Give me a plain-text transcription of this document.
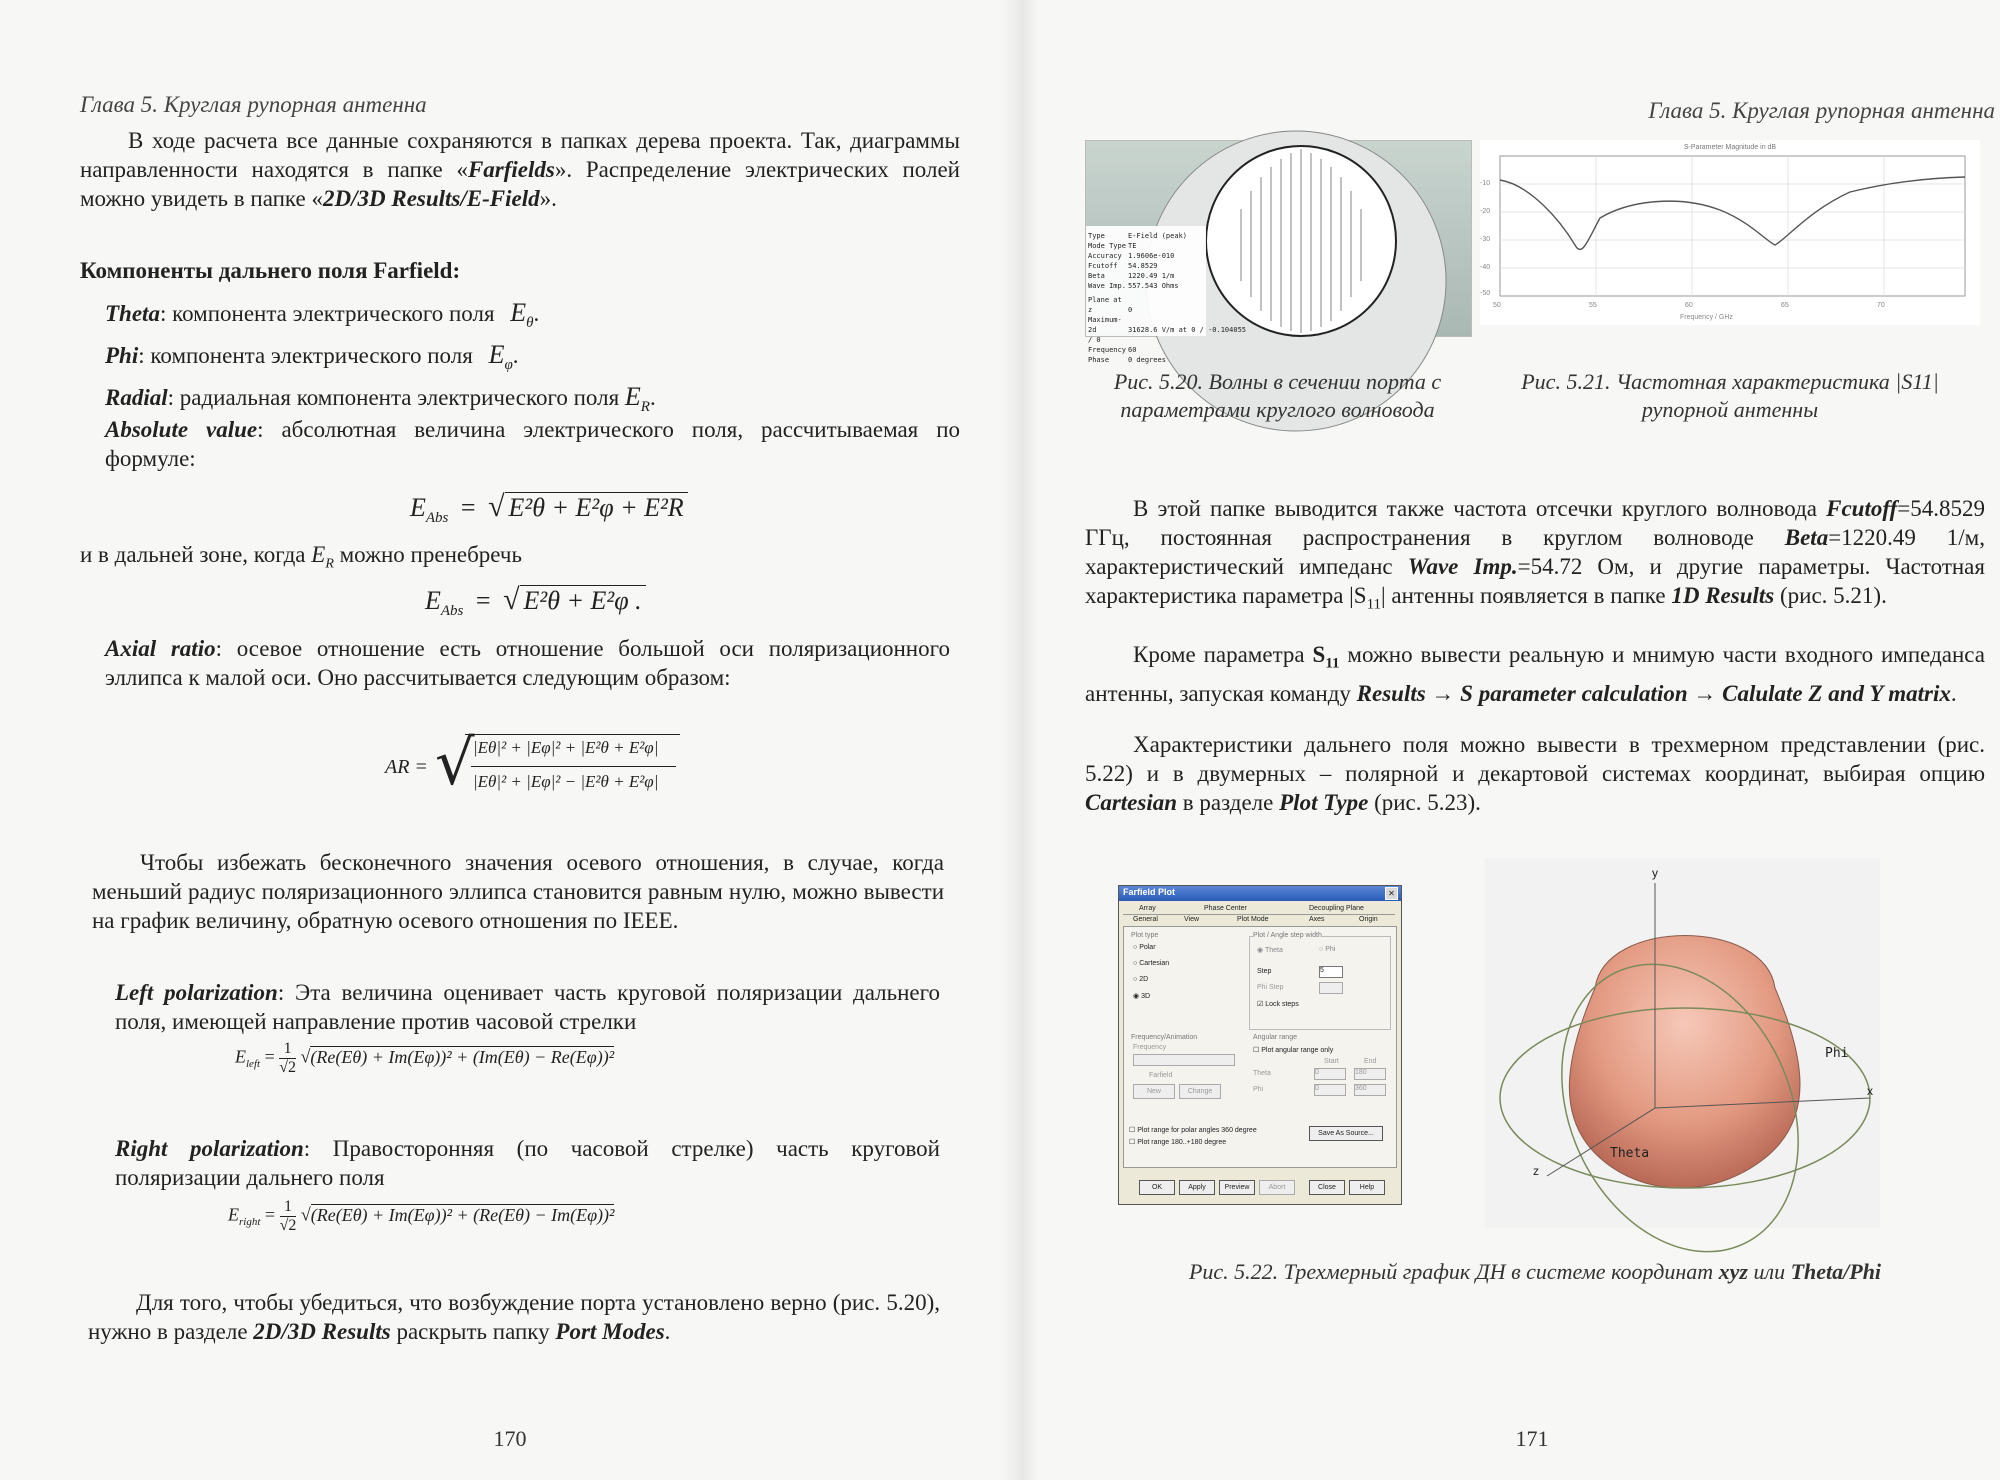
Глава 5. Круглая рупорная антенна
В ходе расчета все данные сохраняются в папках дерева проекта. Так, диаграммы направленности находятся в папке «Farfields». Распределение электрических полей можно увидеть в папке «2D/3D Results/E-Field».
Компоненты дальнего поля Farfield:
Theta: компонента электрического поля $E_\theta$.
Phi: компонента электрического поля $E_\varphi$.
Radial: радиальная компонента электрического поля $E_R$.
Absolute value: абсолютная величина электрического поля, рассчитываемая по формуле:
$E_{Abs}$ = √ E²θ + E²φ + E²R
и в дальней зоне, когда $E_R$ можно пренебречь
$E_{Abs}$ = √ E²θ + E²φ .
Axial ratio: осевое отношение есть отношение большой оси поляризационного эллипса к малой оси. Оно рассчитывается следующим образом:
AR = √
|Eθ|² + |Eφ|² + |E²θ + E²φ|
|Eθ|² + |Eφ|² − |E²θ + E²φ|
Чтобы избежать бесконечного значения осевого отношения, в случае, когда меньший радиус поляризационного эллипса становится равным нулю, можно вывести на график величину, обратную осевого отношения по IEEE.
Left polarization: Эта величина оценивает часть круговой поляризации дальнего поля, имеющей направление против часовой стрелки
$E_{left} = \frac{1}{√2} √(Re(E\theta) + Im(E\varphi))^2 + (Im(E\theta) - Re(E\varphi))^2$
Right polarization: Правосторонняя (по часовой стрелке) часть круговой поляризации дальнего поля
$E_{right} = \frac{1}{√2} √(Re(E\theta) + Im(E\varphi))^2 + (Re(E\theta) - Im(E\varphi))^2$
Для того, чтобы убедиться, что возбуждение порта установлено верно (рис. 5.20), нужно в разделе 2D/3D Results раскрыть папку Port Modes.
170
Глава 5. Круглая рупорная антенна
Type	E-Field (peak)
Mode Type TE
Accuracy 1.9606e-010
Fcutoff 54.8529
Beta	1220.49 1/m
Wave Imp. 557.543 Ohms
Plane at z	0
Maximum-2d	31628.6 V/m at 0 / -0.104055 / 0
Frequency 60
Phase	0 degrees
S-Parameter Magnitude in dB
50	55	60	65	70
-10
-20
-30
-40
-50
Frequency / GHz
Рис. 5.20. Волны в сечении порта с параметрами круглого волновода
Рис. 5.21. Частотная характеристика |S11| рупорной антенны
В этой папке выводится также частота отсечки круглого волновода Fcutoff=54.8529 ГГц, постоянная распространения в круглом волноводе Beta=1220.49 1/м, характеристический импеданс Wave Imp.=54.72 Ом, и другие параметры. Частотная характеристика параметра $|S_{11}|$ антенны появляется в папке 1D Results (рис. 5.21).
Кроме параметра $S_{11}$ можно вывести реальную и мнимую части входного импеданса антенны, запуская команду Results → S parameter calculation → Calulate Z and Y matrix.
Характеристики дальнего поля можно вывести в трехмерном представлении (рис. 5.22) и в двумерных – полярной и декартовой системах координат, выбирая опцию Cartesian в разделе Plot Type (рис. 5.23).
Farfield Plot	✕
Array	Phase Center	Decoupling Plane
General	View	Plot Mode	Axes	Origin
Plot type
○ Polar
○ Cartesian
○ 2D
◉ 3D
Plot / Angle step width
◉ Theta	○ Phi
Step	5
Phi Step
☑ Lock steps
Frequency/Animation
Frequency
Farfield
New	Change
Angular range
☐ Plot angular range only
Start	End
Theta	0	180
Phi	0	360
☐ Plot range for polar angles 360 degree
☐ Plot range 180..+180 degree
Save As Source...
OK	Apply	Preview	Abort	Close	Help
y
x
z
Phi
Theta
Рис. 5.22. Трехмерный график ДН в системе координат xyz или Theta/Phi
171
